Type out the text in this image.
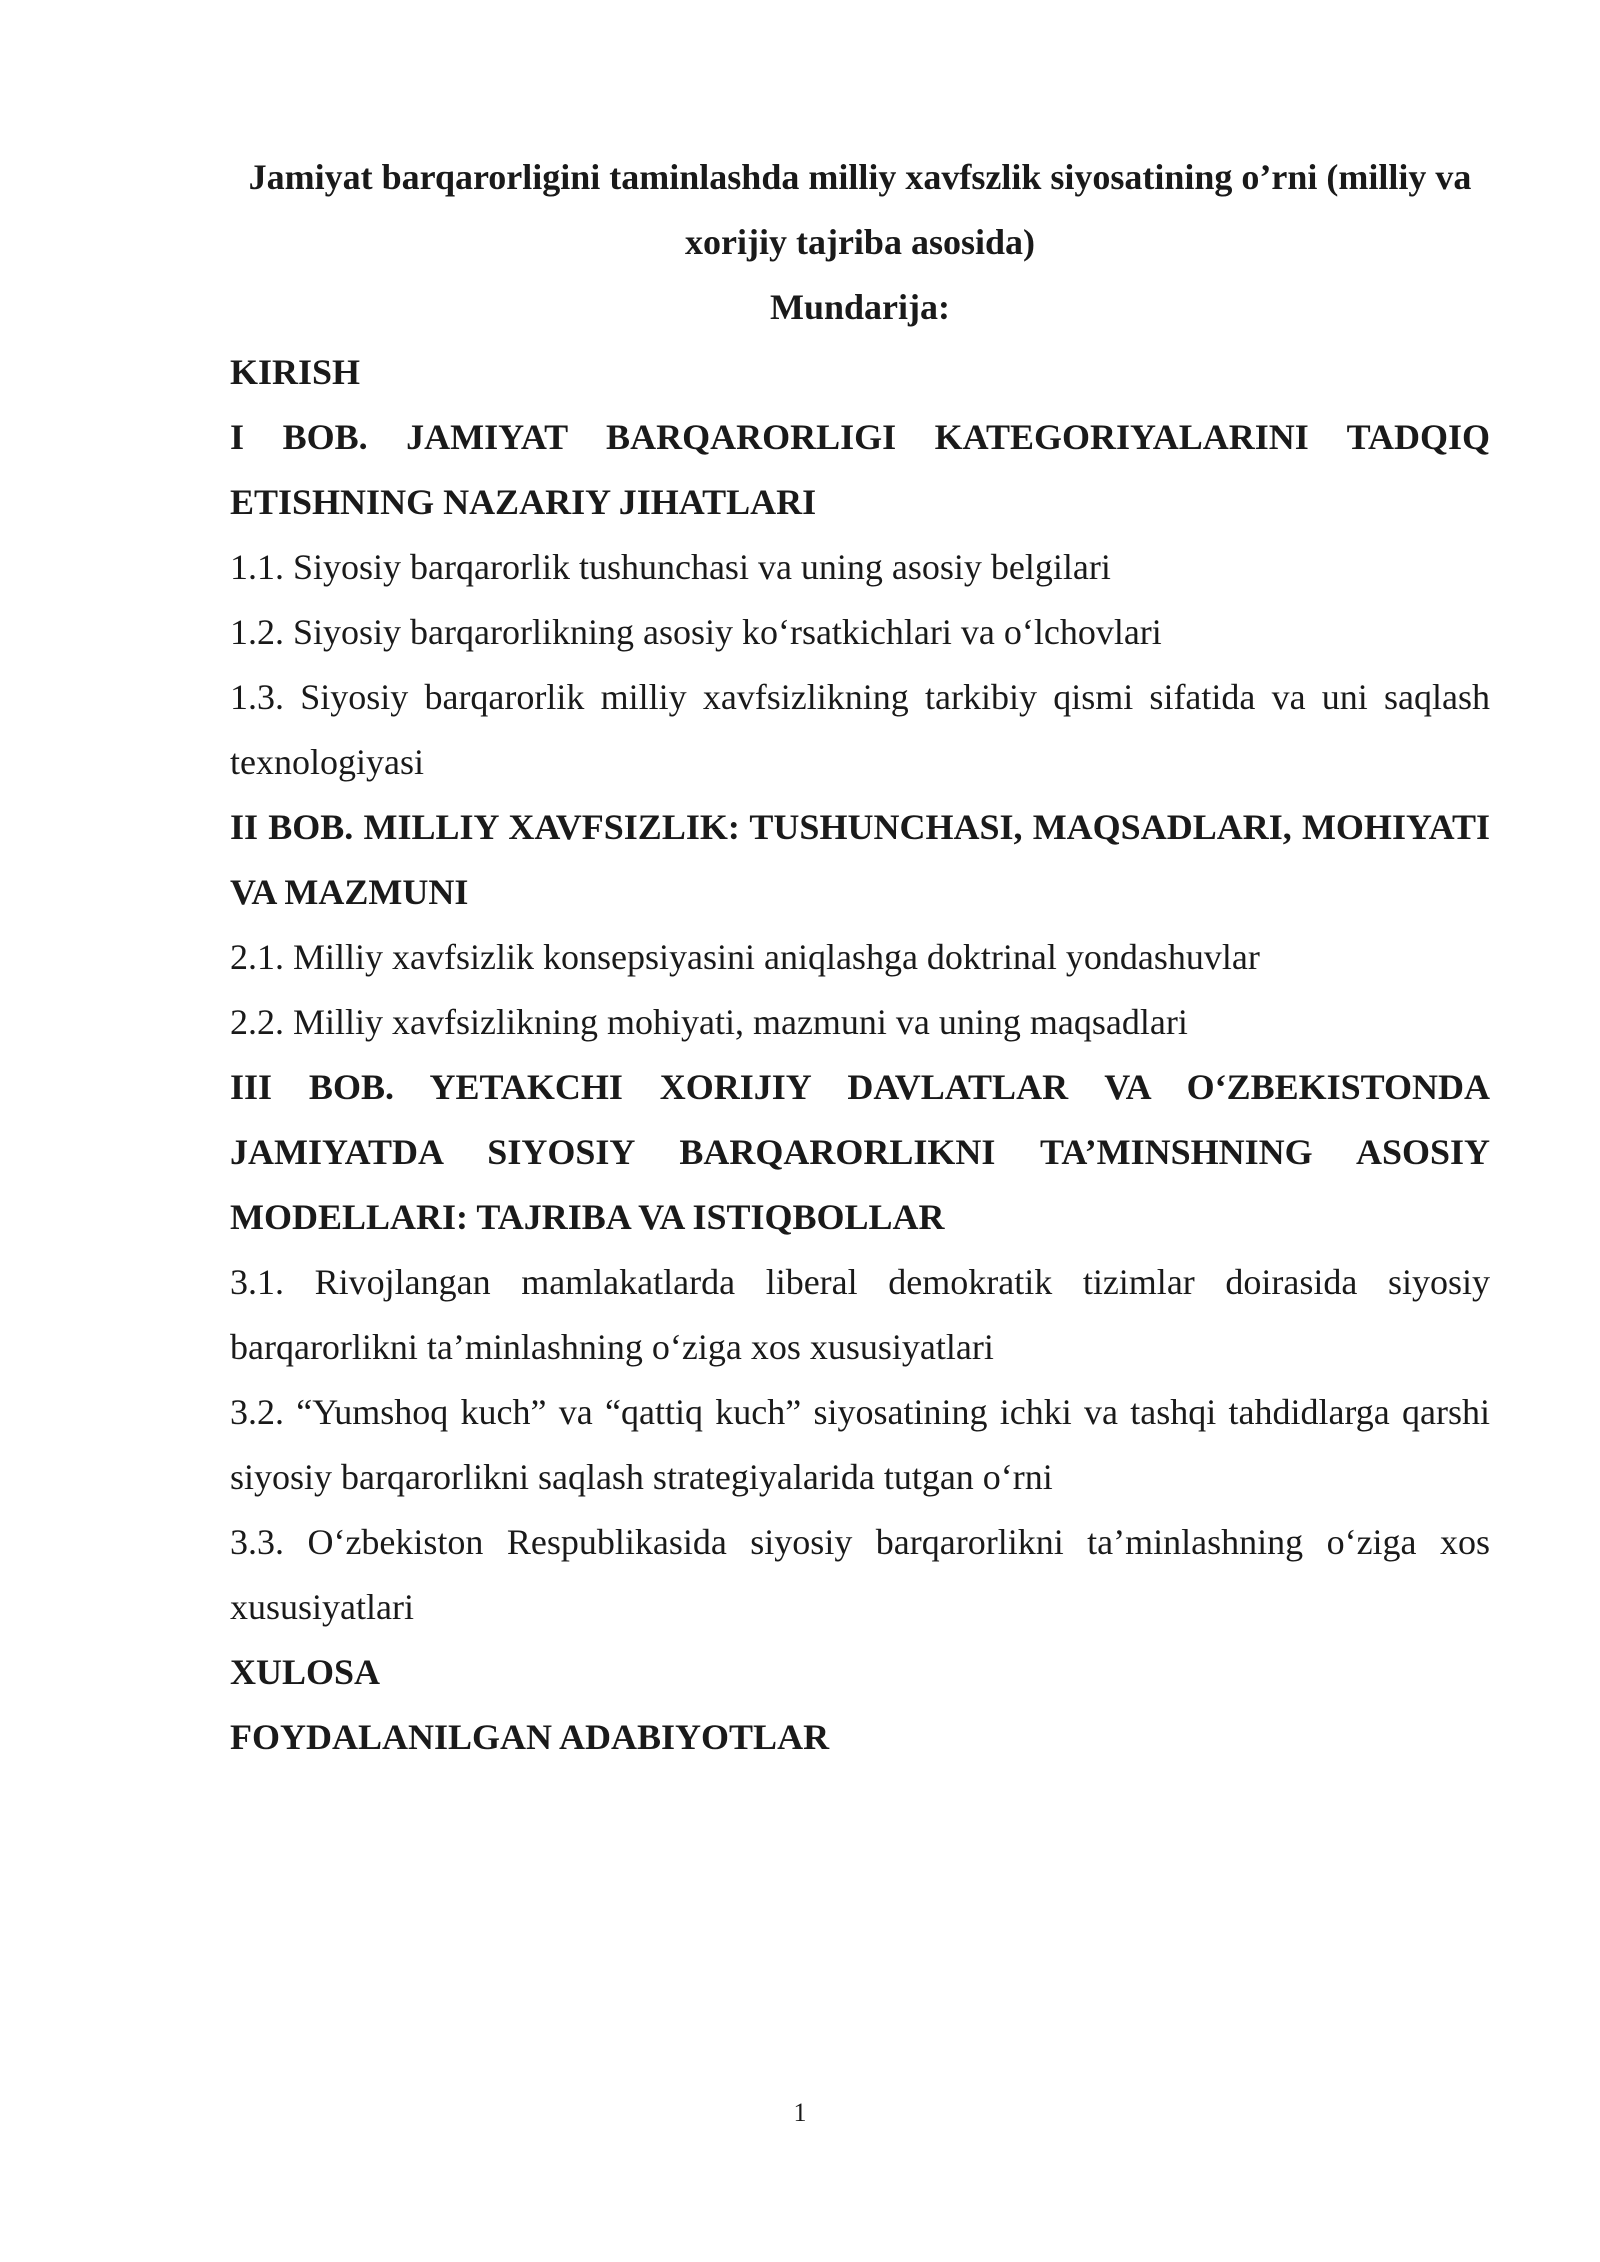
Jamiyat barqarorligini taminlashda milliy xavfszlik siyosatining o’rni (milliy va xorijiy tajriba asosida)

Mundarija:

KIRISH
I BOB. JAMIYAT BARQARORLIGI KATEGORIYALARINI TADQIQ ETISHNING NAZARIY JIHATLARI
1.1. Siyosiy barqarorlik tushunchasi va uning asosiy belgilari
1.2. Siyosiy barqarorlikning asosiy ko‘rsatkichlari va o‘lchovlari
1.3. Siyosiy barqarorlik milliy xavfsizlikning tarkibiy qismi sifatida va uni saqlash texnologiyasi
II BOB. MILLIY XAVFSIZLIK: TUSHUNCHASI, MAQSADLARI, MOHIYATI VA MAZMUNI
2.1. Milliy xavfsizlik konsepsiyasini aniqlashga doktrinal yondashuvlar
2.2. Milliy xavfsizlikning mohiyati, mazmuni va uning maqsadlari
III BOB. YETAKCHI XORIJIY DAVLATLAR VA O‘ZBEKISTONDA JAMIYATDA SIYOSIY BARQARORLIKNI TA’MINSHNING ASOSIY MODELLARI: TAJRIBA VA ISTIQBOLLAR
3.1. Rivojlangan mamlakatlarda liberal demokratik tizimlar doirasida siyosiy barqarorlikni ta’minlashning o‘ziga xos xususiyatlari
3.2. “Yumshoq kuch” va “qattiq kuch” siyosatining ichki va tashqi tahdidlarga qarshi siyosiy barqarorlikni saqlash strategiyalarida tutgan o‘rni
3.3. O‘zbekiston Respublikasida siyosiy barqarorlikni ta’minlashning o‘ziga xos xususiyatlari
XULOSA
FOYDALANILGAN ADABIYOTLAR
1
